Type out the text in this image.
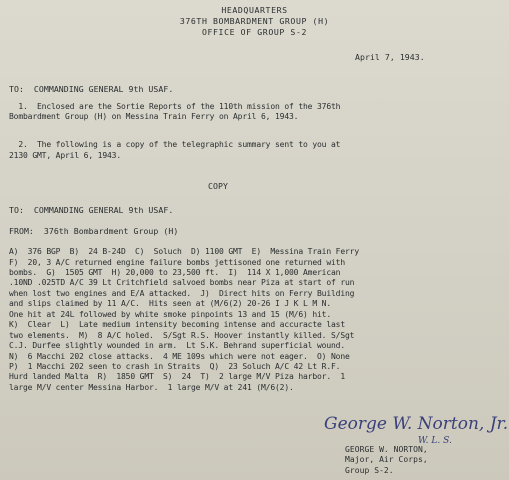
HEADQUARTERS
376TH BOMBARDMENT GROUP (H)
OFFICE OF GROUP S-2
April 7, 1943.
TO:  COMMANDING GENERAL 9th USAF.
1.  Enclosed are the Sortie Reports of the 110th mission of the 376th
Bombardment Group (H) on Messina Train Ferry on April 6, 1943.
2.  The following is a copy of the telegraphic summary sent to you at
2130 GMT, April 6, 1943.
COPY
TO:  COMMANDING GENERAL 9th USAF.
FROM:  376th Bombardment Group (H)
A)  376 BGP  B)  24 B-24D  C)  Soluch  D) 1100 GMT  E)  Messina Train Ferry
F)  20, 3 A/C returned engine failure bombs jettisoned one returned with
bombs.  G)  1505 GMT  H) 20,000 to 23,500 ft.  I)  114 X 1,000 American
.10ND .025TD A/C 39 Lt Critchfield salvoed bombs near Piza at start of run
when lost two engines and E/A attacked.  J)  Direct hits on Ferry Building
and slips claimed by 11 A/C.  Hits seen at (M/6(2) 20-26 I J K L M N.
One hit at 24L followed by white smoke pinpoints 13 and 15 (M/6) hit.
K)  Clear  L)  Late medium intensity becoming intense and accuracte last
two elements.  M)  8 A/C holed.  S/Sgt R.S. Hoover instantly killed. S/Sgt
C.J. Durfee slightly wounded in arm.  Lt S.K. Behrand superficial wound.
N)  6 Macchi 202 close attacks.  4 ME 109s which were not eager.  O) None
P)  1 Macchi 202 seen to crash in Straits  Q)  23 Soluch A/C 42 Lt R.F.
Hurd landed Malta  R)  1850 GMT  S)  24  T)  2 large M/V Piza harbor.  1
large M/V center Messina Harbor.  1 large M/V at 241 (M/6(2).
George W. Norton, Jr.
W. L. S.
GEORGE W. NORTON,
Major, Air Corps,
Group S-2.
